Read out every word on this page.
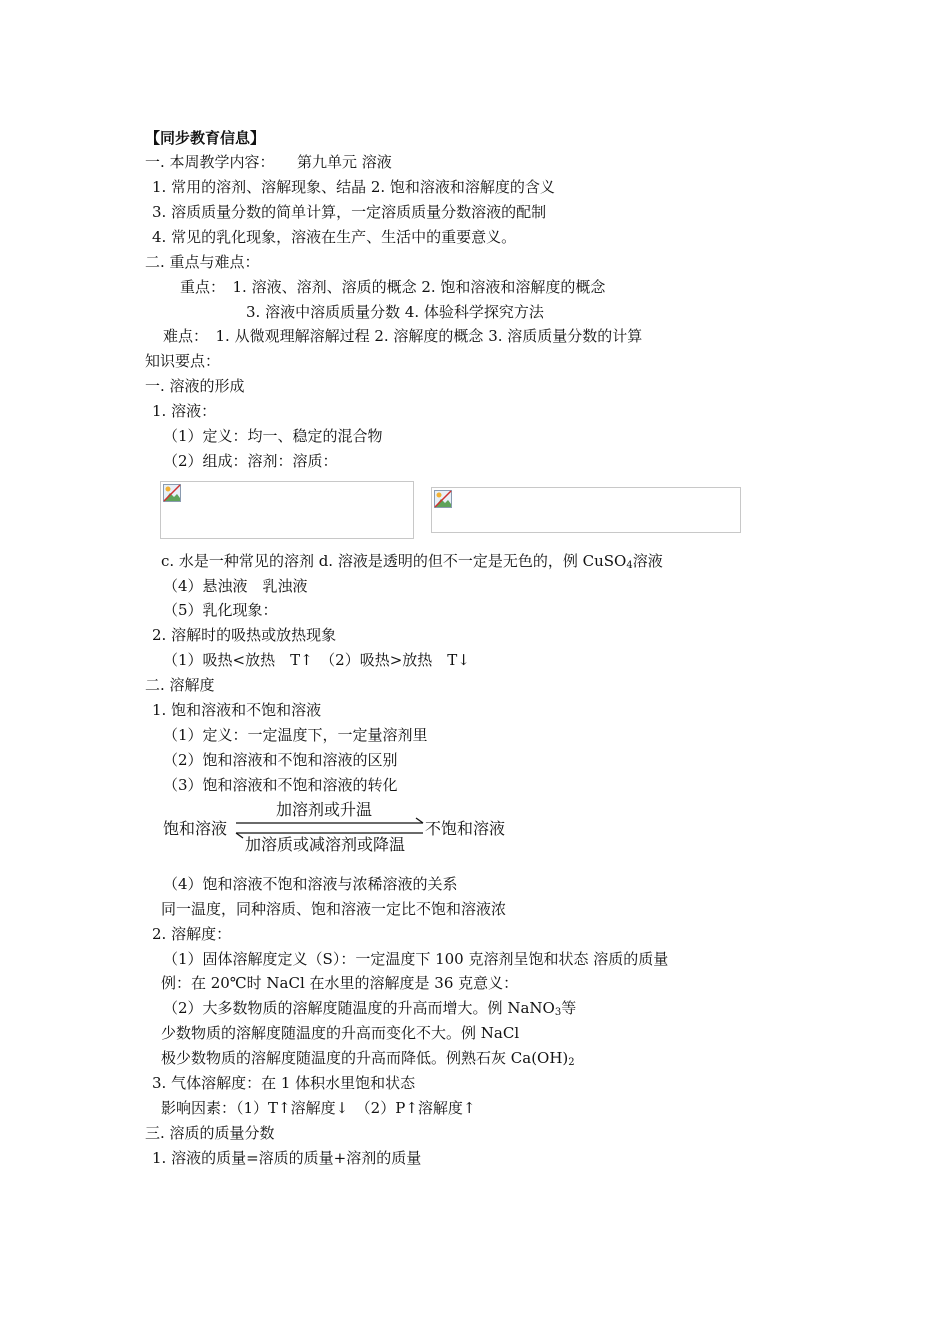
【同步教育信息】
一. 本周教学内容：　　第九单元 溶液
1. 常用的溶剂、溶解现象、结晶 2. 饱和溶液和溶解度的含义
3. 溶质质量分数的简单计算，一定溶质质量分数溶液的配制
4. 常见的乳化现象，溶液在生产、生活中的重要意义。
二. 重点与难点：
重点：　1. 溶液、溶剂、溶质的概念 2. 饱和溶液和溶解度的概念
3. 溶液中溶质质量分数 4. 体验科学探究方法
难点：　1. 从微观理解溶解过程 2. 溶解度的概念 3. 溶质质量分数的计算
知识要点：
一. 溶液的形成
1. 溶液：
（1）定义：均一、稳定的混合物
（2）组成：溶剂：溶质：
c. 水是一种常见的溶剂 d. 溶液是透明的但不一定是无色的，例 CuSO$_4$溶液
（4）悬浊液　乳浊液
（5）乳化现象：
2. 溶解时的吸热或放热现象
（1）吸热<放热　T↑　（2）吸热>放热　T↓
二. 溶解度
1. 饱和溶液和不饱和溶液
（1）定义：一定温度下，一定量溶剂里
（2）饱和溶液和不饱和溶液的区别
（3）饱和溶液和不饱和溶液的转化
饱和溶液
加溶剂或升温
加溶质或减溶剂或降温
不饱和溶液
（4）饱和溶液不饱和溶液与浓稀溶液的关系
同一温度，同种溶质、饱和溶液一定比不饱和溶液浓
2. 溶解度：
（1）固体溶解度定义（S）：一定温度下 100 克溶剂呈饱和状态 溶质的质量
例：在 20℃时 NaCl 在水里的溶解度是 36 克意义：
（2）大多数物质的溶解度随温度的升高而增大。例 NaNO$_3$等
少数物质的溶解度随温度的升高而变化不大。例 NaCl
极少数物质的溶解度随温度的升高而降低。例熟石灰 $Ca(OH)_2$
3. 气体溶解度：在 1 体积水里饱和状态
影响因素：（1）T↑溶解度↓　（2）P↑溶解度↑
三. 溶质的质量分数
1. 溶液的质量=溶质的质量+溶剂的质量
